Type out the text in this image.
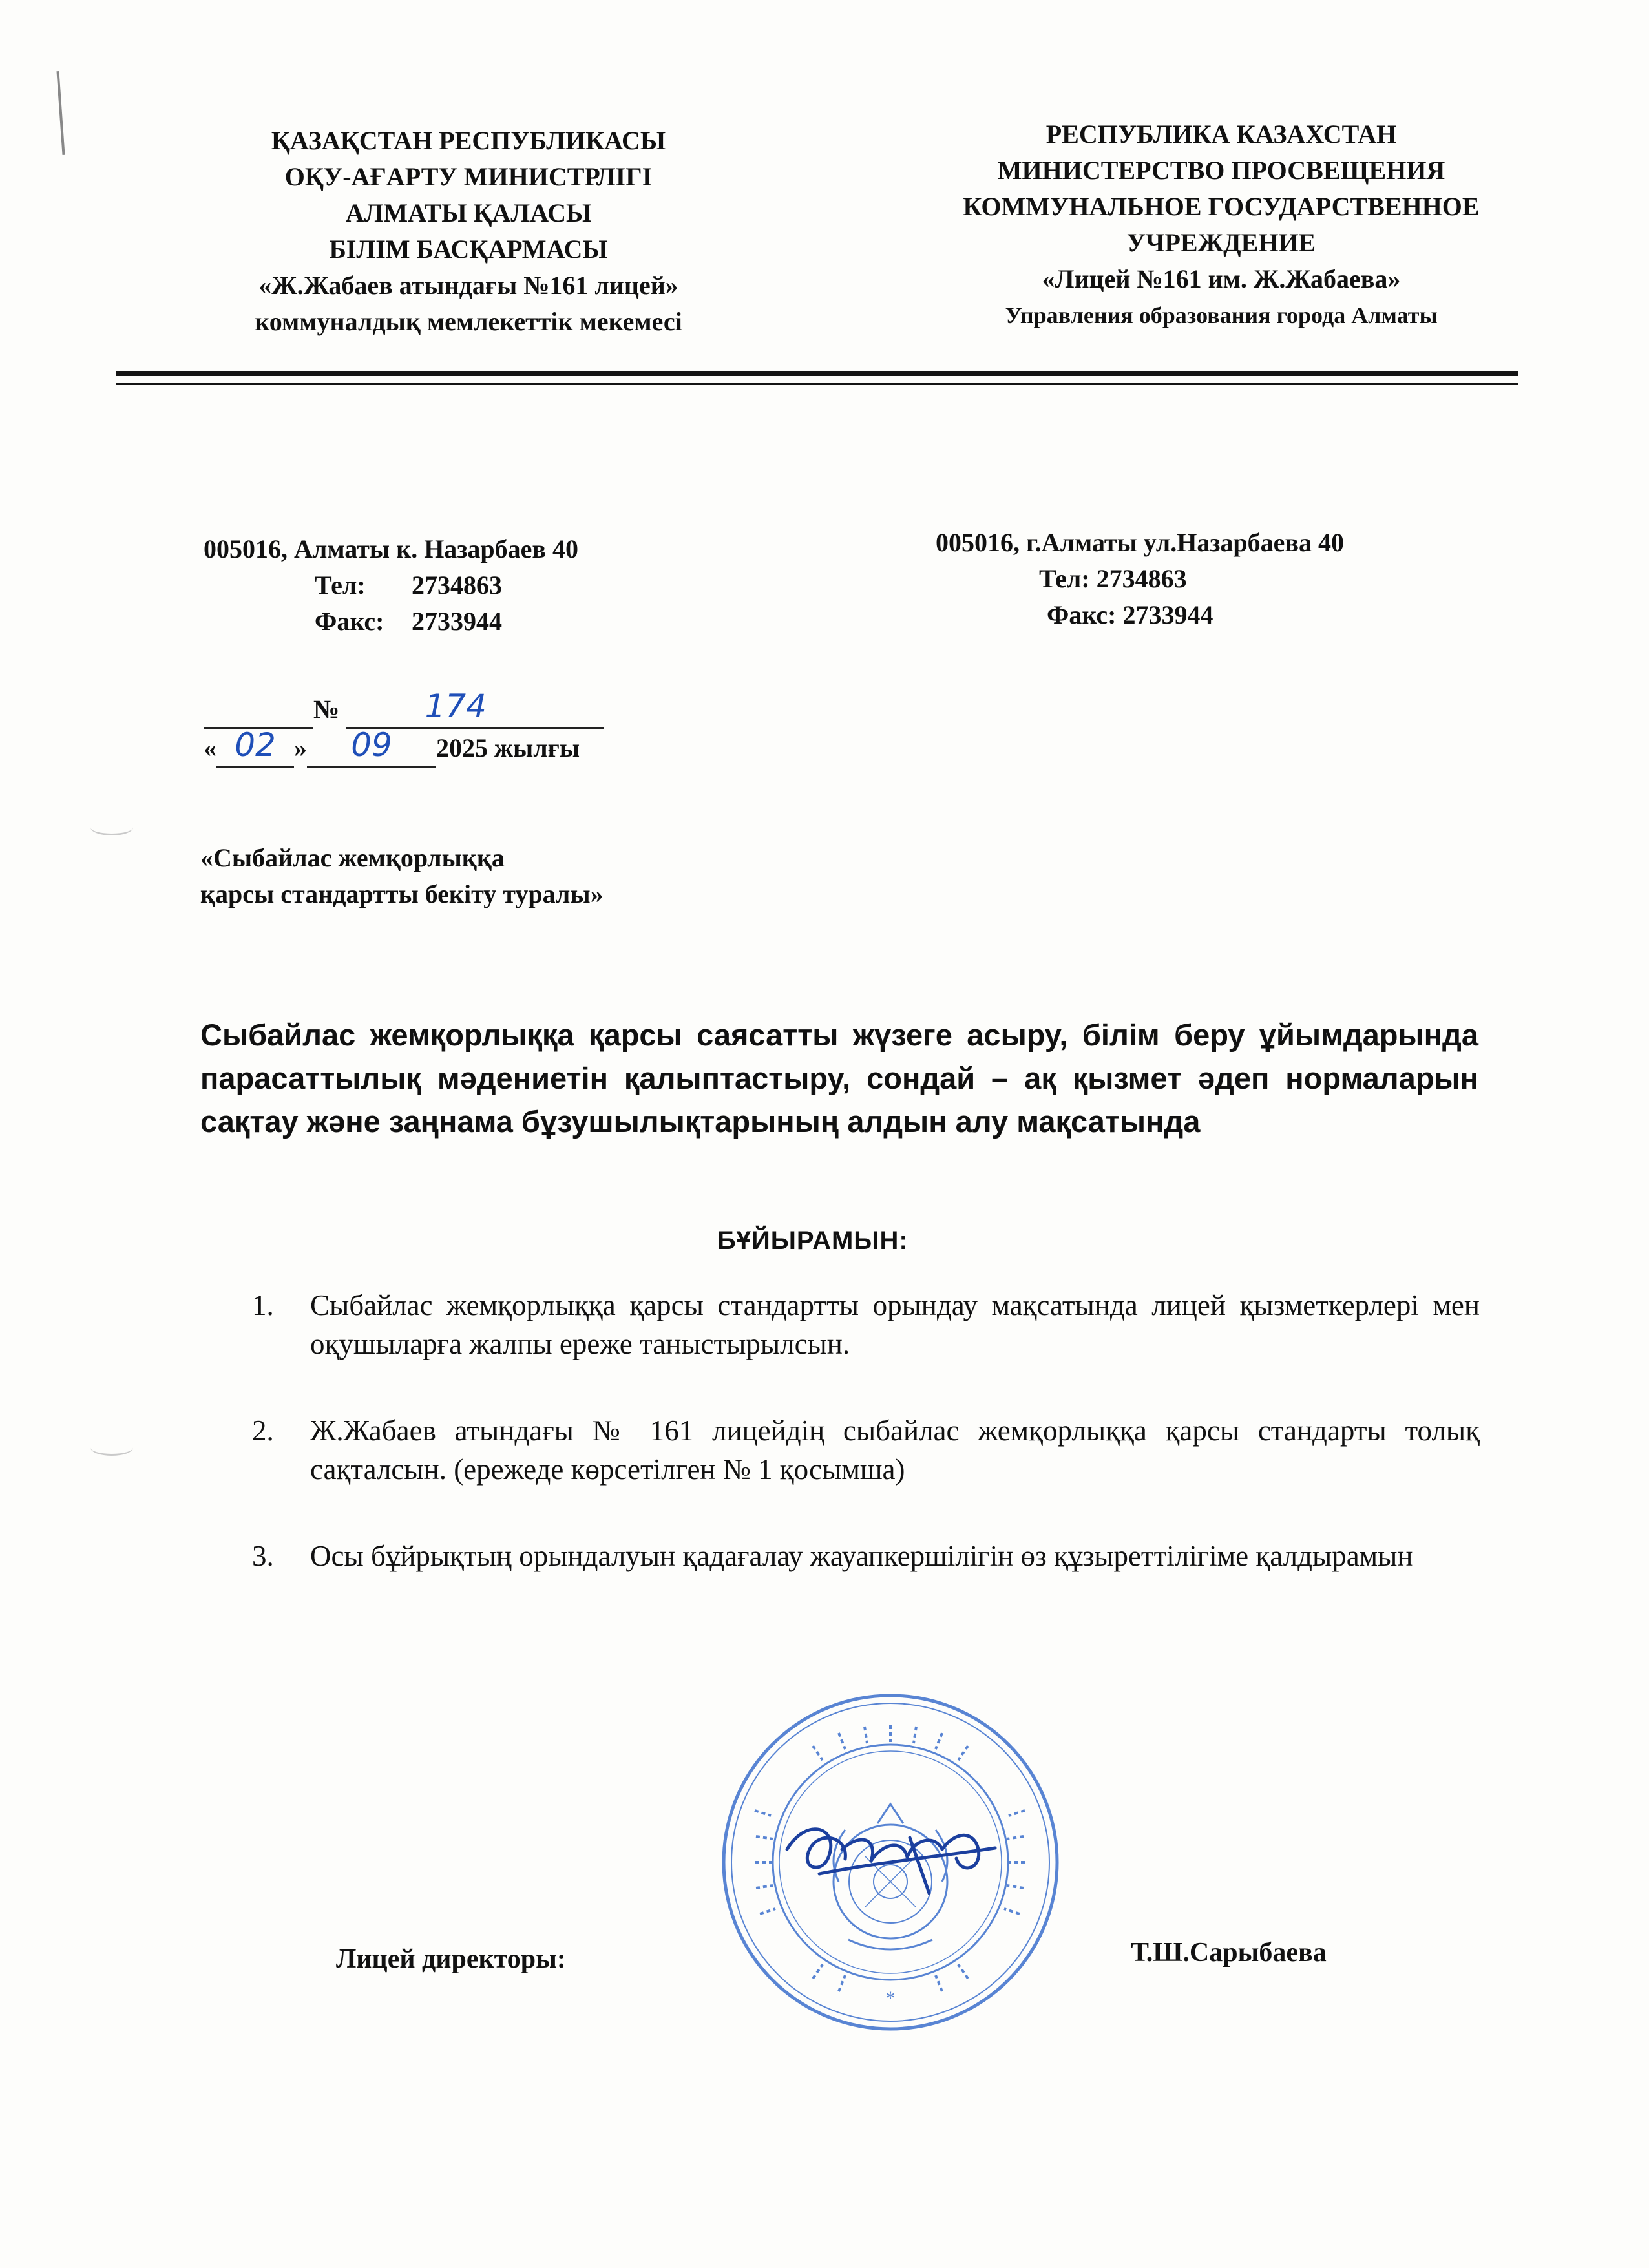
ҚАЗАҚСТАН РЕСПУБЛИКАСЫ
ОҚУ-АҒАРТУ МИНИСТРЛІГІ
АЛМАТЫ ҚАЛАСЫ
БІЛІМ БАСҚАРМАСЫ
«Ж.Жабаев атындағы №161 лицей»
коммуналдық мемлекеттік мекемесі
РЕСПУБЛИКА КАЗАХСТАН
МИНИСТЕРСТВО ПРОСВЕЩЕНИЯ
КОММУНАЛЬНОЕ ГОСУДАРСТВЕННОЕ
УЧРЕЖДЕНИЕ
«Лицей №161 им. Ж.Жабаева»
Управления образования города Алматы
005016, Алматы к. Назарбаев 40
Тел: 2734863
Факс: 2733944
005016, г.Алматы ул.Назарбаева 40
Тел: 2734863
Факс: 2733944
№	174
« 02 »	09	2025 жылғы
«Сыбайлас жемқорлыққа
қарсы стандартты бекіту туралы»
Сыбайлас жемқорлыққа қарсы саясатты жүзеге асыру, білім беру ұйымдарында парасаттылық мәдениетін қалыптастыру, сондай – ақ қызмет әдеп нормаларын сақтау және заңнама бұзушылықтарының алдын алу мақсатында
БҰЙЫРАМЫН:
1. Сыбайлас жемқорлыққа қарсы стандартты орындау мақсатында лицей қызметкерлері мен оқушыларға жалпы ереже таныстырылсын.
2. Ж.Жабаев атындағы № 161 лицейдің сыбайлас жемқорлыққа қарсы стандарты толық сақталсын. (ережеде көрсетілген № 1 қосымша)
3. Осы бұйрықтың орындалуын қадағалау жауапкершілігін өз құзыреттілігіме қалдырамын
*
Лицей директоры:	Т.Ш.Сарыбаева
